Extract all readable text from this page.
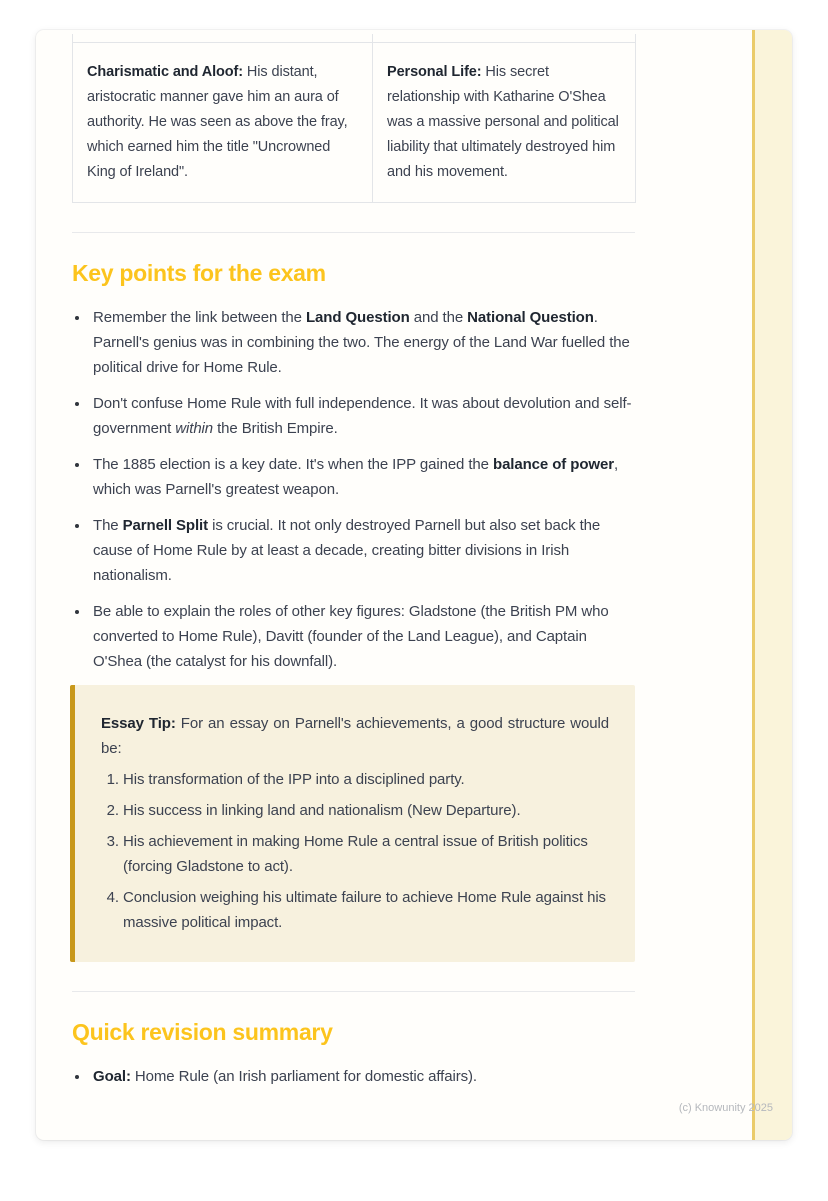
Charismatic and Aloof: His distant, aristocratic manner gave him an aura of authority. He was seen as above the fray, which earned him the title "Uncrowned King of Ireland".	Personal Life: His secret relationship with Katharine O'Shea was a massive personal and political liability that ultimately destroyed him and his movement.
Key points for the exam
• Remember the link between the Land Question and the National Question. Parnell's genius was in combining the two. The energy of the Land War fuelled the political drive for Home Rule.
• Don't confuse Home Rule with full independence. It was about devolution and self-government within the British Empire.
• The 1885 election is a key date. It's when the IPP gained the balance of power, which was Parnell's greatest weapon.
• The Parnell Split is crucial. It not only destroyed Parnell but also set back the cause of Home Rule by at least a decade, creating bitter divisions in Irish nationalism.
• Be able to explain the roles of other key figures: Gladstone (the British PM who converted to Home Rule), Davitt (founder of the Land League), and Captain O'Shea (the catalyst for his downfall).

Essay Tip: For an essay on Parnell's achievements, a good structure would be:

1. His transformation of the IPP into a disciplined party.
2. His success in linking land and nationalism (New Departure).
3. His achievement in making Home Rule a central issue of British politics (forcing Gladstone to act).
4. Conclusion weighing his ultimate failure to achieve Home Rule against his massive political impact.
Quick revision summary
• Goal: Home Rule (an Irish parliament for domestic affairs).
(c) Knowunity 2025
